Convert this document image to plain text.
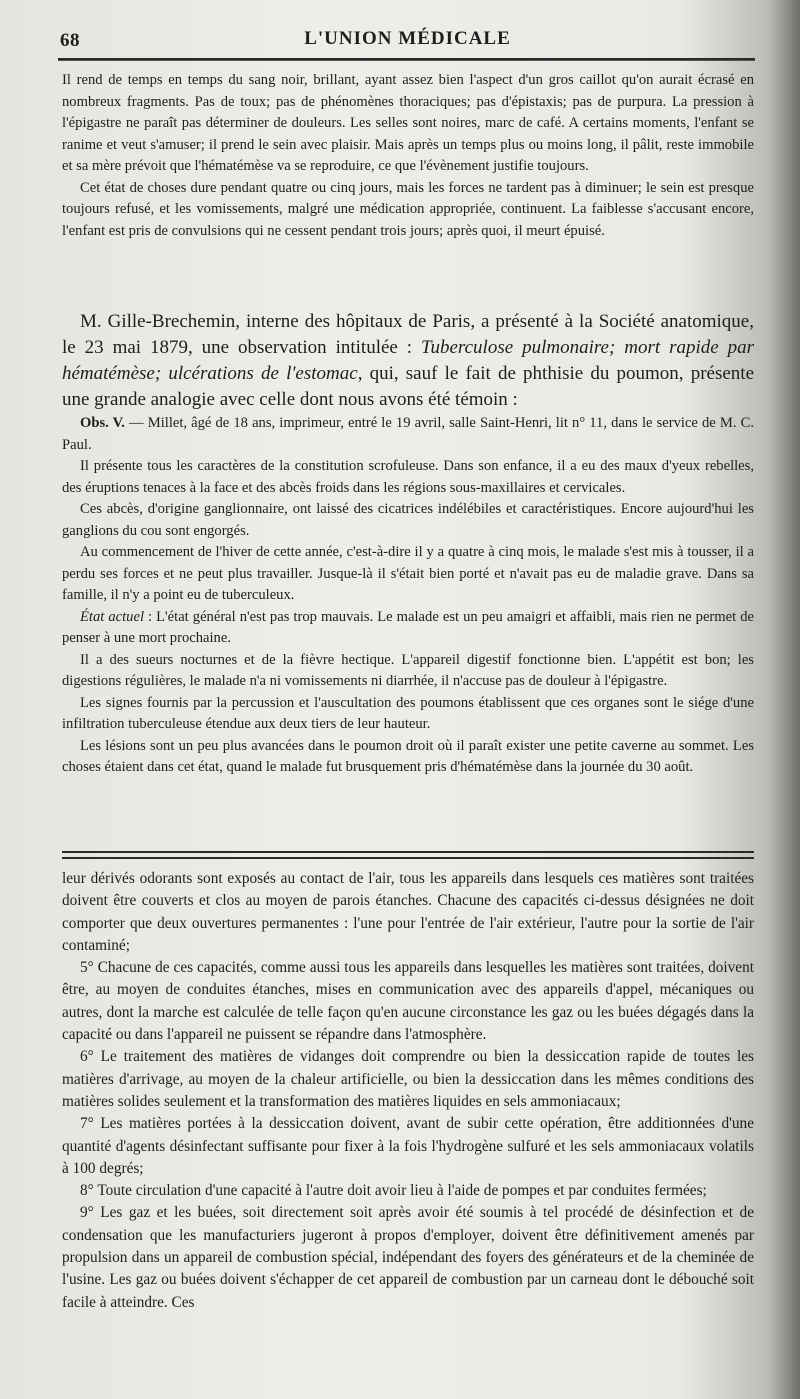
68	L'UNION MÉDICALE

Il rend de temps en temps du sang noir, brillant, ayant assez bien l'aspect d'un gros caillot qu'on aurait écrasé en nombreux fragments. Pas de toux; pas de phénomènes thoraciques; pas d'épistaxis; pas de purpura. La pression à l'épigastre ne paraît pas déterminer de douleurs. Les selles sont noires, marc de café. A certains moments, l'enfant se ranime et veut s'amuser; il prend le sein avec plaisir. Mais après un temps plus ou moins long, il pâlit, reste immobile et sa mère prévoit que l'hématémèse va se reproduire, ce que l'évènement justifie toujours.

Cet état de choses dure pendant quatre ou cinq jours, mais les forces ne tardent pas à diminuer; le sein est presque toujours refusé, et les vomissements, malgré une médication appropriée, continuent. La faiblesse s'accusant encore, l'enfant est pris de convulsions qui ne cessent pendant trois jours; après quoi, il meurt épuisé.

M. Gille-Brechemin, interne des hôpitaux de Paris, a présenté à la Société anatomique, le 23 mai 1879, une observation intitulée : Tuberculose pulmonaire; mort rapide par hématémèse; ulcérations de l'estomac, qui, sauf le fait de phthisie du poumon, présente une grande analogie avec celle dont nous avons été témoin :

Obs. V. — Millet, âgé de 18 ans, imprimeur, entré le 19 avril, salle Saint-Henri, lit n° 11, dans le service de M. C. Paul.

Il présente tous les caractères de la constitution scrofuleuse. Dans son enfance, il a eu des maux d'yeux rebelles, des éruptions tenaces à la face et des abcès froids dans les régions sous-maxillaires et cervicales.

Ces abcès, d'origine ganglionnaire, ont laissé des cicatrices indélébiles et caractéristiques. Encore aujourd'hui les ganglions du cou sont engorgés.

Au commencement de l'hiver de cette année, c'est-à-dire il y a quatre à cinq mois, le malade s'est mis à tousser, il a perdu ses forces et ne peut plus travailler. Jusque-là il s'était bien porté et n'avait pas eu de maladie grave. Dans sa famille, il n'y a point eu de tuberculeux.

État actuel : L'état général n'est pas trop mauvais. Le malade est un peu amaigri et affaibli, mais rien ne permet de penser à une mort prochaine.

Il a des sueurs nocturnes et de la fièvre hectique. L'appareil digestif fonctionne bien. L'appétit est bon; les digestions régulières, le malade n'a ni vomissements ni diarrhée, il n'accuse pas de douleur à l'épigastre.

Les signes fournis par la percussion et l'auscultation des poumons établissent que ces organes sont le siége d'une infiltration tuberculeuse étendue aux deux tiers de leur hauteur.

Les lésions sont un peu plus avancées dans le poumon droit où il paraît exister une petite caverne au sommet. Les choses étaient dans cet état, quand le malade fut brusquement pris d'hématémèse dans la journée du 30 août.

leur dérivés odorants sont exposés au contact de l'air, tous les appareils dans lesquels ces matières sont traitées doivent être couverts et clos au moyen de parois étanches. Chacune des capacités ci-dessus désignées ne doit comporter que deux ouvertures permanentes : l'une pour l'entrée de l'air extérieur, l'autre pour la sortie de l'air contaminé;

5° Chacune de ces capacités, comme aussi tous les appareils dans lesquelles les matières sont traitées, doivent être, au moyen de conduites étanches, mises en communication avec des appareils d'appel, mécaniques ou autres, dont la marche est calculée de telle façon qu'en aucune circonstance les gaz ou les buées dégagés dans la capacité ou dans l'appareil ne puissent se répandre dans l'atmosphère.

6° Le traitement des matières de vidanges doit comprendre ou bien la dessiccation rapide de toutes les matières d'arrivage, au moyen de la chaleur artificielle, ou bien la dessiccation dans les mêmes conditions des matières solides seulement et la transformation des matières liquides en sels ammoniacaux;

7° Les matières portées à la dessiccation doivent, avant de subir cette opération, être additionnées d'une quantité d'agents désinfectant suffisante pour fixer à la fois l'hydrogène sulfuré et les sels ammoniacaux volatils à 100 degrés;

8° Toute circulation d'une capacité à l'autre doit avoir lieu à l'aide de pompes et par conduites fermées;

9° Les gaz et les buées, soit directement soit après avoir été soumis à tel procédé de désinfection et de condensation que les manufacturiers jugeront à propos d'employer, doivent être définitivement amenés par propulsion dans un appareil de combustion spécial, indépendant des foyers des générateurs et de la cheminée de l'usine. Les gaz ou buées doivent s'échapper de cet appareil de combustion par un carneau dont le débouché soit facile à atteindre. Ces
